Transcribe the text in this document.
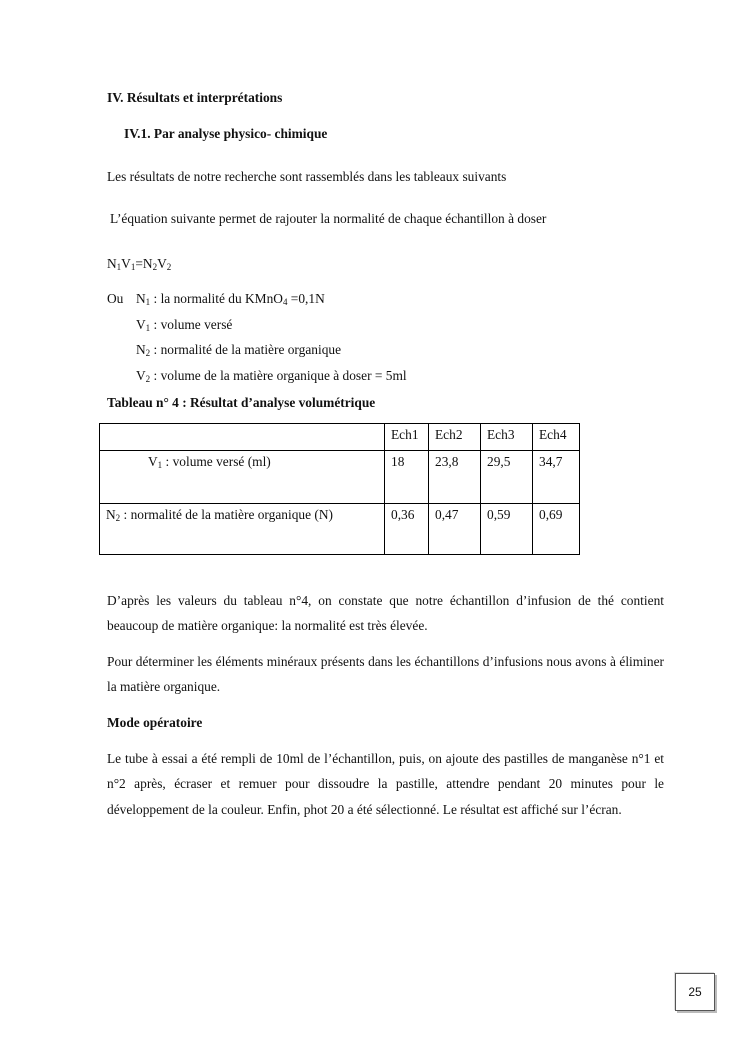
IV. Résultats et interprétations
IV.1. Par analyse physico- chimique
Les résultats de notre recherche sont rassemblés dans les tableaux suivants
L’équation suivante permet de rajouter la normalité de chaque échantillon à doser
$N_1V_1=N_2V_2$
Ou $N_1$ : la normalité du KMnO$_4$ =0,1N
$V_1$ : volume versé
$N_2$ : normalité de la matière organique
$V_2$ : volume de la matière organique à doser = 5ml
Tableau n° 4 : Résultat d’analyse volumétrique
	Ech1	Ech2	Ech3	Ech4
$V_1$ : volume versé (ml)	18	23,8	29,5	34,7
$N_2$ : normalité de la matière organique (N)	0,36	0,47	0,59	0,69
D’après les valeurs du tableau n°4, on constate que notre échantillon d’infusion de thé contient beaucoup de matière organique: la normalité est très élevée.
Pour déterminer les éléments minéraux présents dans les échantillons d’infusions nous avons à éliminer la matière organique.
Mode opératoire
Le tube à essai a été rempli de 10ml de l’échantillon, puis, on ajoute des pastilles de manganèse n°1 et n°2 après, écraser et remuer pour dissoudre la pastille, attendre pendant 20 minutes pour le développement de la couleur. Enfin, phot 20 a été sélectionné. Le résultat est affiché sur l’écran.
25
